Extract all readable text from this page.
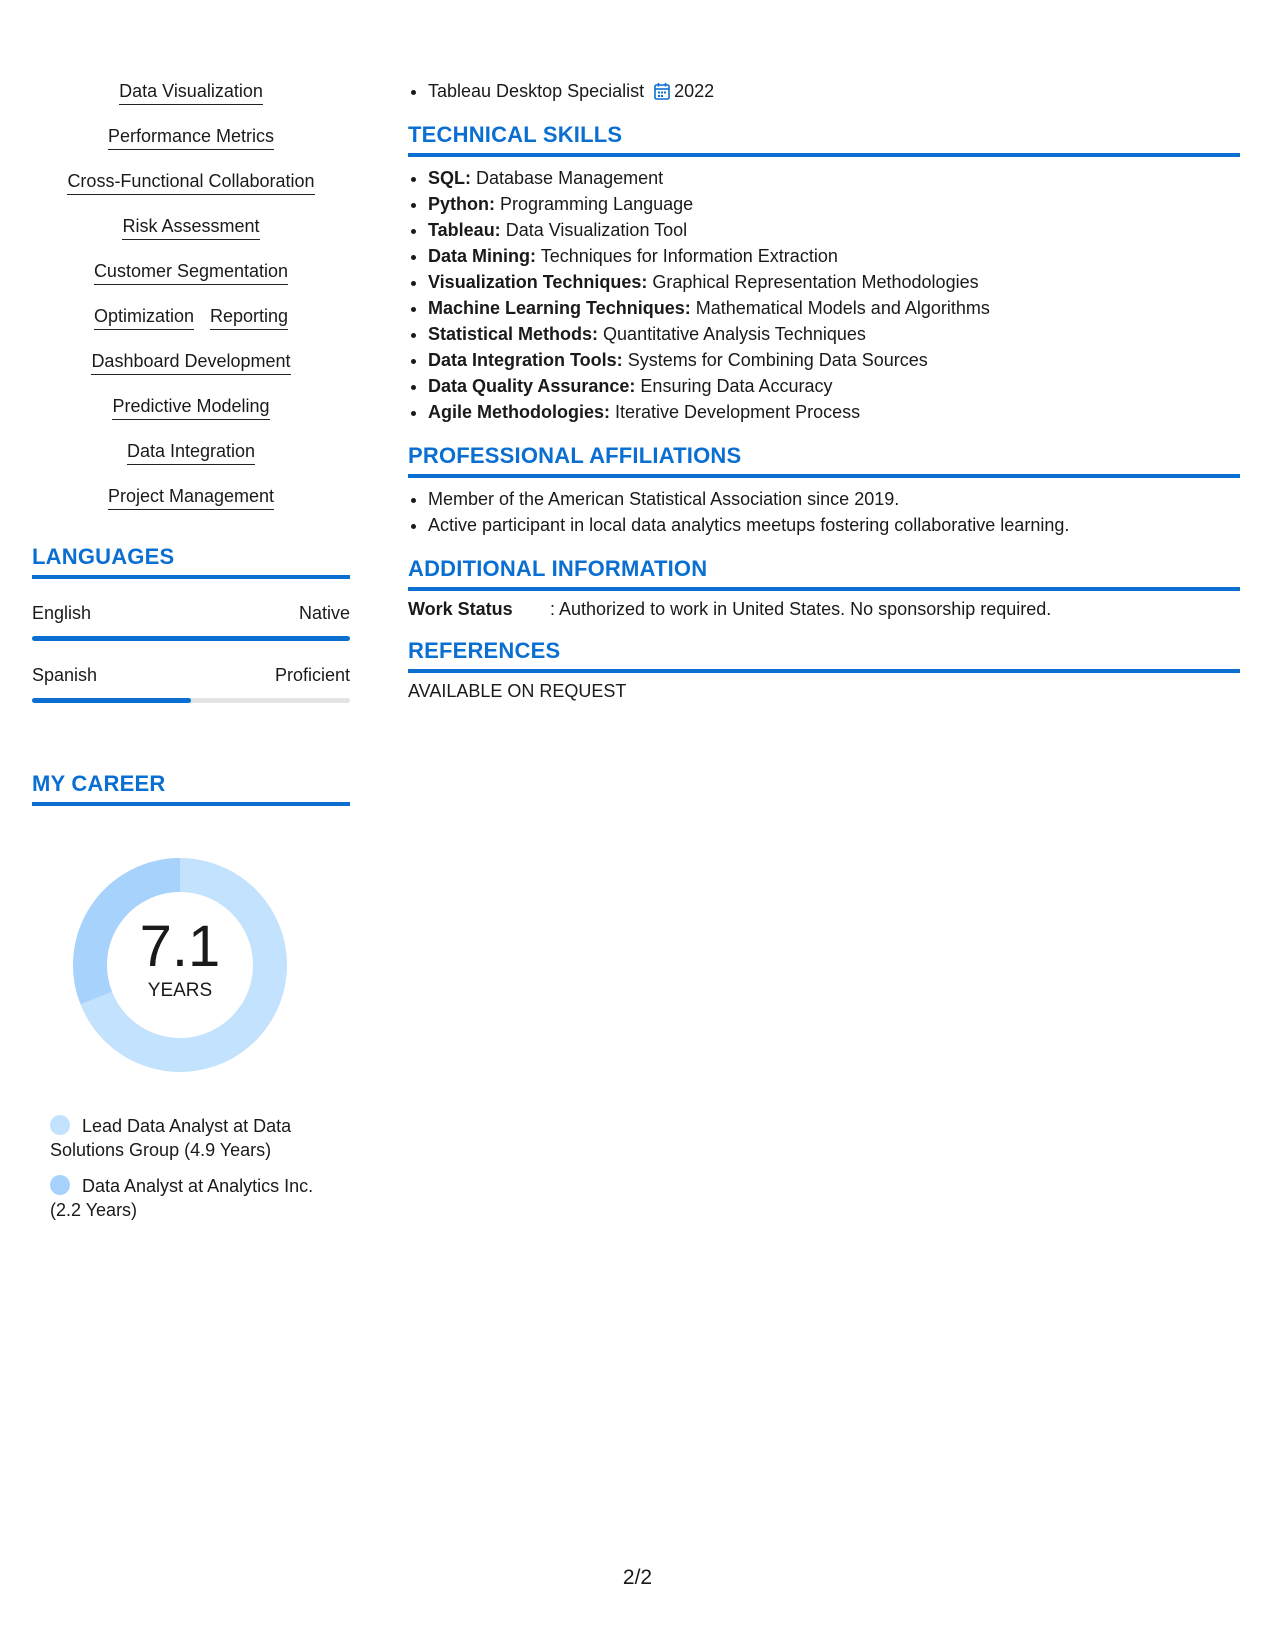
Data Visualization
Performance Metrics
Cross-Functional Collaboration
Risk Assessment
Customer Segmentation
Optimization Reporting
Dashboard Development
Predictive Modeling
Data Integration
Project Management
LANGUAGES
English	Native
Spanish	Proficient
MY CAREER
7.1
YEARS
Lead Data Analyst at Data Solutions Group (4.9 Years)
Data Analyst at Analytics Inc. (2.2 Years)
• Tableau Desktop Specialist 2022
TECHNICAL SKILLS
• SQL: Database Management
• Python: Programming Language
• Tableau: Data Visualization Tool
• Data Mining: Techniques for Information Extraction
• Visualization Techniques: Graphical Representation Methodologies
• Machine Learning Techniques: Mathematical Models and Algorithms
• Statistical Methods: Quantitative Analysis Techniques
• Data Integration Tools: Systems for Combining Data Sources
• Data Quality Assurance: Ensuring Data Accuracy
• Agile Methodologies: Iterative Development Process
PROFESSIONAL AFFILIATIONS
• Member of the American Statistical Association since 2019.
• Active participant in local data analytics meetups fostering collaborative learning.
ADDITIONAL INFORMATION
Work Status	: Authorized to work in United States. No sponsorship required.
REFERENCES
AVAILABLE ON REQUEST
2/2
